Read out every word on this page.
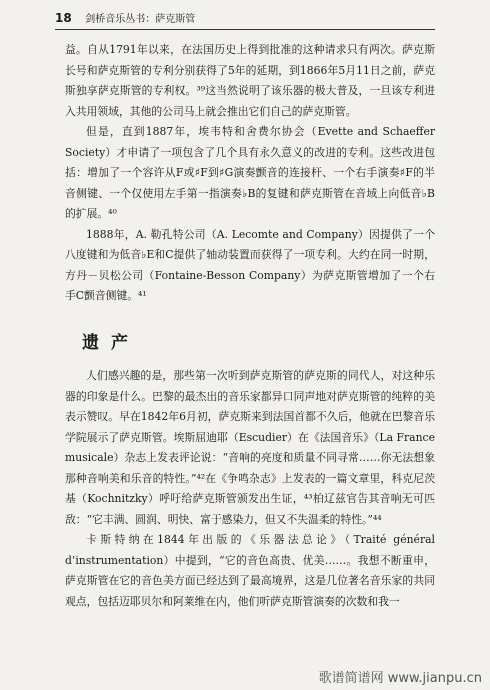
18 剑桥音乐丛书：萨克斯管

益。自从1791年以来，在法国历史上得到批准的这种请求只有两次。萨克斯长号和萨克斯管的专利分别获得了5年的延期，到1866年5月11日之前，萨克斯独享萨克斯管的专利权。³⁹这当然说明了该乐器的极大普及，一旦该专利进入共用领域，其他的公司马上就会推出它们自己的萨克斯管。

但是，直到1887年，埃韦特和舍费尔协会（Evette and Schaeffer Society）才申请了一项包含了几个具有永久意义的改进的专利。这些改进包括：增加了一个容许从F或♯F到♯G演奏颤音的连接杆、一个右手演奏♯F的半音侧键、一个仅使用左手第一指演奏♭B的复键和萨克斯管在音域上向低音♭B的扩展。⁴⁰

1888年，A. 勒孔特公司（A. Lecomte and Company）因提供了一个八度键和为低音♭E和C提供了轴动装置而获得了一项专利。大约在同一时期，方丹－贝松公司（Fontaine-Besson Company）为萨克斯管增加了一个右手C颤音侧键。⁴¹

遗产

人们感兴趣的是，那些第一次听到萨克斯管的萨克斯的同代人，对这种乐器的印象是什么。巴黎的最杰出的音乐家都异口同声地对萨克斯管的纯粹的美表示赞叹。早在1842年6月初，萨克斯来到法国首都不久后，他就在巴黎音乐学院展示了萨克斯管。埃斯屈迪耶（Escudier）在《法国音乐》（La France musicale）杂志上发表评论说：“音响的亮度和质量不同寻常……你无法想象那种音响美和乐音的特性。”⁴²在《争鸣杂志》上发表的一篇文章里，科克尼茨基（Kochnitzky）呼吁给萨克斯管颁发出生证，⁴³柏辽兹官告其音响无可匹敌：“它丰满、圆润、明快、富于感染力，但又不失温柔的特性。”⁴⁴

卡斯特纳在1844年出版的《乐器法总论》（Traité général d’instrumentation）中提到，“它的音色高贵、优美……。我想不断重申，萨克斯管在它的音色美方面已经达到了最高境界，这是几位著名音乐家的共同观点，包括迈耶贝尔和阿莱维在内，他们听萨克斯管演奏的次数和我一

歌谱简谱网 www.jianpu.cn
